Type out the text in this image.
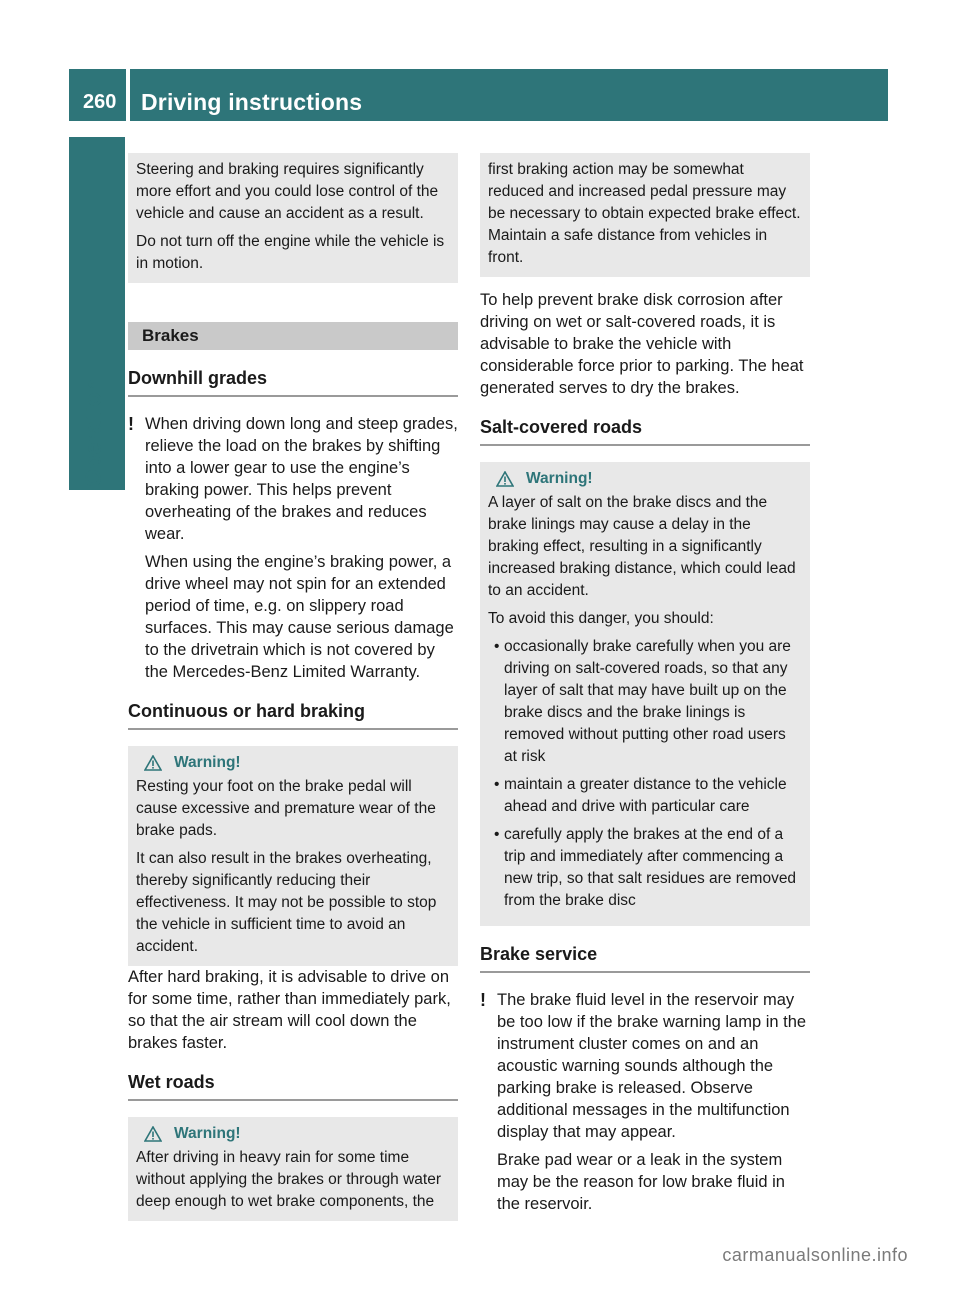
260 Driving instructions
Operation

Steering and braking requires significantly more effort and you could lose control of the vehicle and cause an accident as a result.

Do not turn off the engine while the vehicle is in motion.

Brakes
Downhill grades
! When driving down long and steep grades, relieve the load on the brakes by shifting into a lower gear to use the engine’s braking power. This helps prevent overheating of the brakes and reduces wear.

When using the engine’s braking power, a drive wheel may not spin for an extended period of time, e.g. on slippery road surfaces. This may cause serious damage to the drivetrain which is not covered by the Mercedes-Benz Limited Warranty.

Continuous or hard braking
Warning!

Resting your foot on the brake pedal will cause excessive and premature wear of the brake pads.

It can also result in the brakes overheating, thereby significantly reducing their effectiveness. It may not be possible to stop the vehicle in sufficient time to avoid an accident.

After hard braking, it is advisable to drive on for some time, rather than immediately park, so that the air stream will cool down the brakes faster.

Wet roads
Warning!

After driving in heavy rain for some time without applying the brakes or through water deep enough to wet brake components, the

first braking action may be somewhat reduced and increased pedal pressure may be necessary to obtain expected brake effect. Maintain a safe distance from vehicles in front.

To help prevent brake disk corrosion after driving on wet or salt-covered roads, it is advisable to brake the vehicle with considerable force prior to parking. The heat generated serves to dry the brakes.

Salt-covered roads
Warning!

A layer of salt on the brake discs and the brake linings may cause a delay in the braking effect, resulting in a significantly increased braking distance, which could lead to an accident.

To avoid this danger, you should:

• occasionally brake carefully when you are driving on salt-covered roads, so that any layer of salt that may have built up on the brake discs and the brake linings is removed without putting other road users at risk
• maintain a greater distance to the vehicle ahead and drive with particular care
• carefully apply the brakes at the end of a trip and immediately after commencing a new trip, so that salt residues are removed from the brake disc
Brake service
! The brake fluid level in the reservoir may be too low if the brake warning lamp in the instrument cluster comes on and an acoustic warning sounds although the parking brake is released. Observe additional messages in the multifunction display that may appear.

Brake pad wear or a leak in the system may be the reason for low brake fluid in the reservoir.

carmanualsonline.info
